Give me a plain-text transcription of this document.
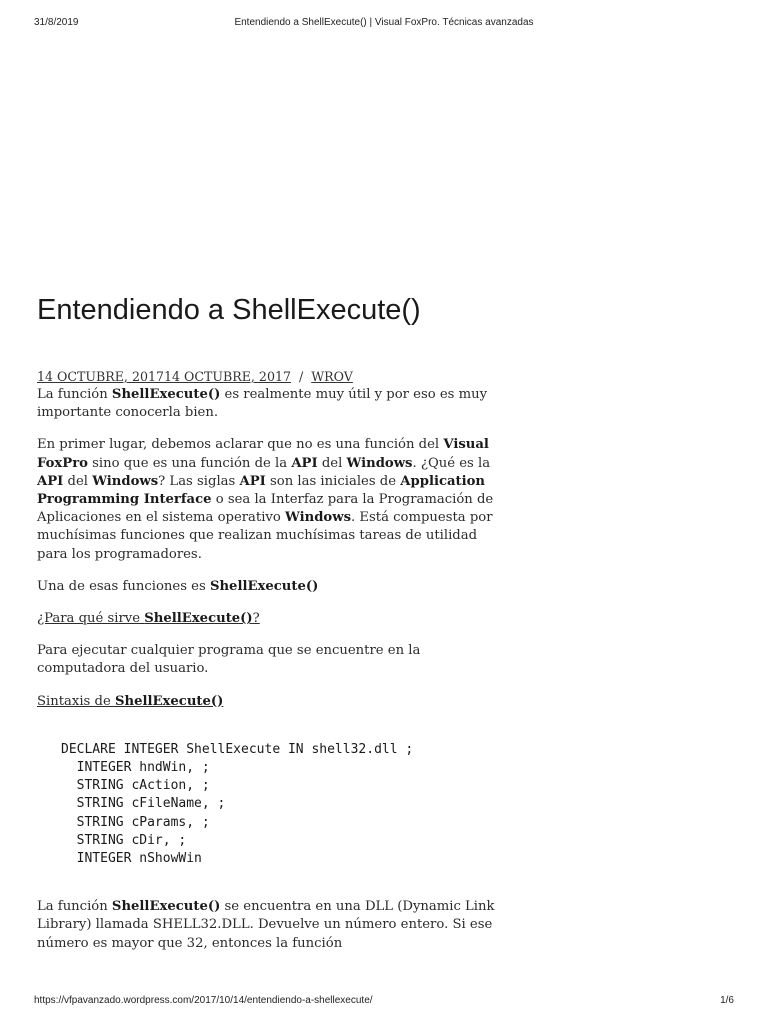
31/8/2019	Entendiendo a ShellExecute() | Visual FoxPro. Técnicas avanzadas
Entendiendo a ShellExecute()
14 OCTUBRE, 201714 OCTUBRE, 2017 / WROV

La función ShellExecute() es realmente muy útil y por eso es muy importante conocerla bien.

En primer lugar, debemos aclarar que no es una función del Visual FoxPro sino que es una función de la API del Windows. ¿Qué es la API del Windows? Las siglas API son las iniciales de Application Programming Interface o sea la Interfaz para la Programación de Aplicaciones en el sistema operativo Windows. Está compuesta por muchísimas funciones que realizan muchísimas tareas de utilidad para los programadores.

Una de esas funciones es ShellExecute()

¿Para qué sirve ShellExecute()?

Para ejecutar cualquier programa que se encuentre en la computadora del usuario.

Sintaxis de ShellExecute()

DECLARE INTEGER ShellExecute IN shell32.dll ;
INTEGER hndWin, ;
STRING cAction, ;
STRING cFileName, ;
STRING cParams, ;
STRING cDir, ;
INTEGER nShowWin

La función ShellExecute() se encuentra en una DLL (Dynamic Link Library) llamada SHELL32.DLL. Devuelve un número entero. Si ese número es mayor que 32, entonces la función

https://vfpavanzado.wordpress.com/2017/10/14/entendiendo-a-shellexecute/	1/6
